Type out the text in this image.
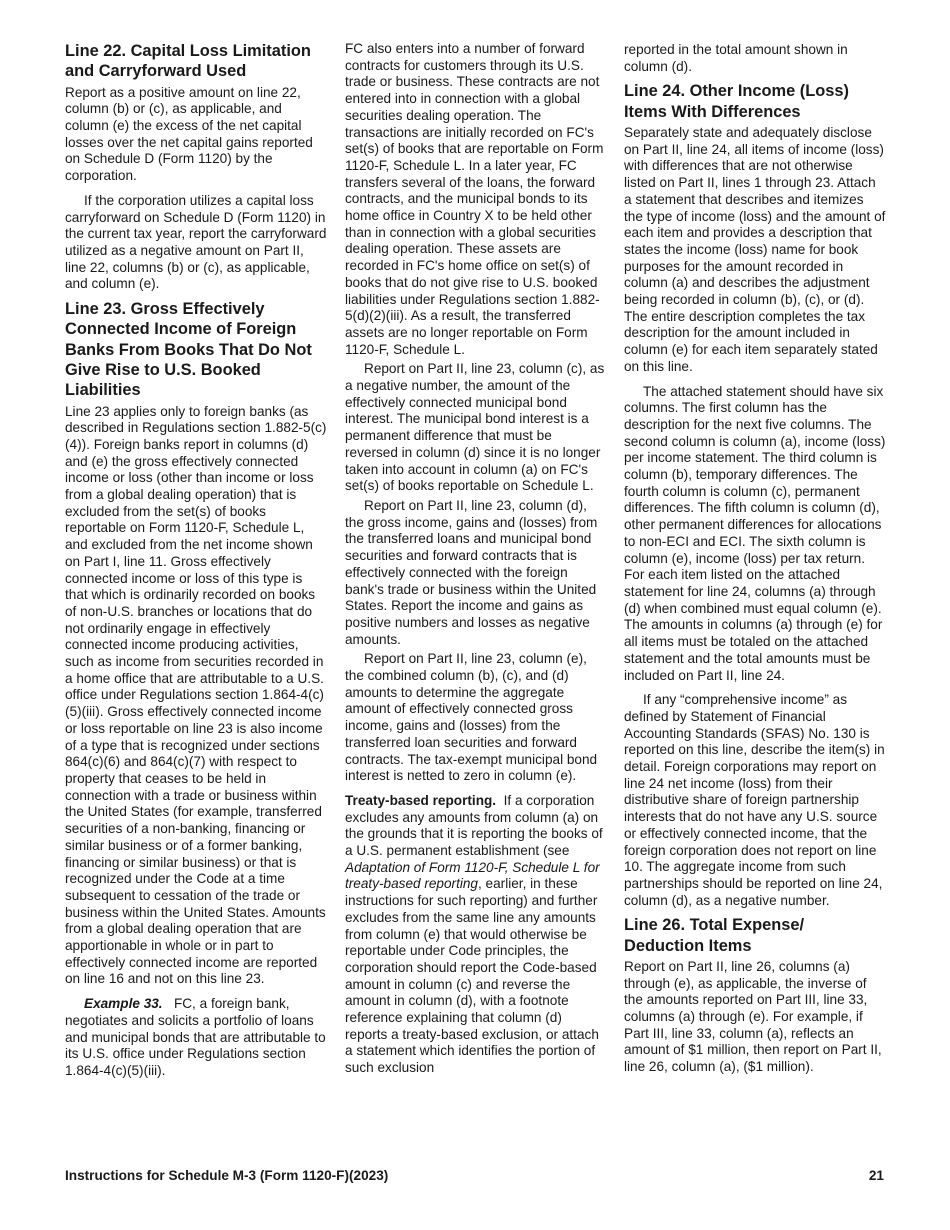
Line 22. Capital Loss Limitation and Carryforward Used

Report as a positive amount on line 22, column (b) or (c), as applicable, and column (e) the excess of the net capital losses over the net capital gains reported on Schedule D (Form 1120) by the corporation.

If the corporation utilizes a capital loss carryforward on Schedule D (Form 1120) in the current tax year, report the carryforward utilized as a negative amount on Part II, line 22, columns (b) or (c), as applicable, and column (e).

Line 23. Gross Effectively Connected Income of Foreign Banks From Books That Do Not Give Rise to U.S. Booked Liabilities

Line 23 applies only to foreign banks (as described in Regulations section 1.882-5(c)(4)). Foreign banks report in columns (d) and (e) the gross effectively connected income or loss (other than income or loss from a global dealing operation) that is excluded from the set(s) of books reportable on Form 1120-F, Schedule L, and excluded from the net income shown on Part I, line 11. Gross effectively connected income or loss of this type is that which is ordinarily recorded on books of non-U.S. branches or locations that do not ordinarily engage in effectively connected income producing activities, such as income from securities recorded in a home office that are attributable to a U.S. office under Regulations section 1.864-4(c)(5)(iii). Gross effectively connected income or loss reportable on line 23 is also income of a type that is recognized under sections 864(c)(6) and 864(c)(7) with respect to property that ceases to be held in connection with a trade or business within the United States (for example, transferred securities of a non-banking, financing or similar business or of a former banking, financing or similar business) or that is recognized under the Code at a time subsequent to cessation of the trade or business within the United States. Amounts from a global dealing operation that are apportionable in whole or in part to effectively connected income are reported on line 16 and not on this line 23.

Example 33. FC, a foreign bank, negotiates and solicits a portfolio of loans and municipal bonds that are attributable to its U.S. office under Regulations section 1.864-4(c)(5)(iii).

FC also enters into a number of forward contracts for customers through its U.S. trade or business. These contracts are not entered into in connection with a global securities dealing operation. The transactions are initially recorded on FC's set(s) of books that are reportable on Form 1120-F, Schedule L. In a later year, FC transfers several of the loans, the forward contracts, and the municipal bonds to its home office in Country X to be held other than in connection with a global securities dealing operation. These assets are recorded in FC's home office on set(s) of books that do not give rise to U.S. booked liabilities under Regulations section 1.882-5(d)(2)(iii). As a result, the transferred assets are no longer reportable on Form 1120-F, Schedule L.

Report on Part II, line 23, column (c), as a negative number, the amount of the effectively connected municipal bond interest. The municipal bond interest is a permanent difference that must be reversed in column (d) since it is no longer taken into account in column (a) on FC's set(s) of books reportable on Schedule L.

Report on Part II, line 23, column (d), the gross income, gains and (losses) from the transferred loans and municipal bond securities and forward contracts that is effectively connected with the foreign bank's trade or business within the United States. Report the income and gains as positive numbers and losses as negative amounts.

Report on Part II, line 23, column (e), the combined column (b), (c), and (d) amounts to determine the aggregate amount of effectively connected gross income, gains and (losses) from the transferred loan securities and forward contracts. The tax-exempt municipal bond interest is netted to zero in column (e).

Treaty-based reporting. If a corporation excludes any amounts from column (a) on the grounds that it is reporting the books of a U.S. permanent establishment (see Adaptation of Form 1120-F, Schedule L for treaty-based reporting, earlier, in these instructions for such reporting) and further excludes from the same line any amounts from column (e) that would otherwise be reportable under Code principles, the corporation should report the Code-based amount in column (c) and reverse the amount in column (d), with a footnote reference explaining that column (d) reports a treaty-based exclusion, or attach a statement which identifies the portion of such exclusion

reported in the total amount shown in column (d).

Line 24. Other Income (Loss) Items With Differences

Separately state and adequately disclose on Part II, line 24, all items of income (loss) with differences that are not otherwise listed on Part II, lines 1 through 23. Attach a statement that describes and itemizes the type of income (loss) and the amount of each item and provides a description that states the income (loss) name for book purposes for the amount recorded in column (a) and describes the adjustment being recorded in column (b), (c), or (d). The entire description completes the tax description for the amount included in column (e) for each item separately stated on this line.

The attached statement should have six columns. The first column has the description for the next five columns. The second column is column (a), income (loss) per income statement. The third column is column (b), temporary differences. The fourth column is column (c), permanent differences. The fifth column is column (d), other permanent differences for allocations to non-ECI and ECI. The sixth column is column (e), income (loss) per tax return. For each item listed on the attached statement for line 24, columns (a) through (d) when combined must equal column (e). The amounts in columns (a) through (e) for all items must be totaled on the attached statement and the total amounts must be included on Part II, line 24.

If any “comprehensive income” as defined by Statement of Financial Accounting Standards (SFAS) No. 130 is reported on this line, describe the item(s) in detail. Foreign corporations may report on line 24 net income (loss) from their distributive share of foreign partnership interests that do not have any U.S. source or effectively connected income, that the foreign corporation does not report on line 10. The aggregate income from such partnerships should be reported on line 24, column (d), as a negative number.

Line 26. Total Expense/ Deduction Items

Report on Part II, line 26, columns (a) through (e), as applicable, the inverse of the amounts reported on Part III, line 33, columns (a) through (e). For example, if Part III, line 33, column (a), reflects an amount of $1 million, then report on Part II, line 26, column (a), ($1 million).

Instructions for Schedule M-3 (Form 1120-F)(2023)	21
